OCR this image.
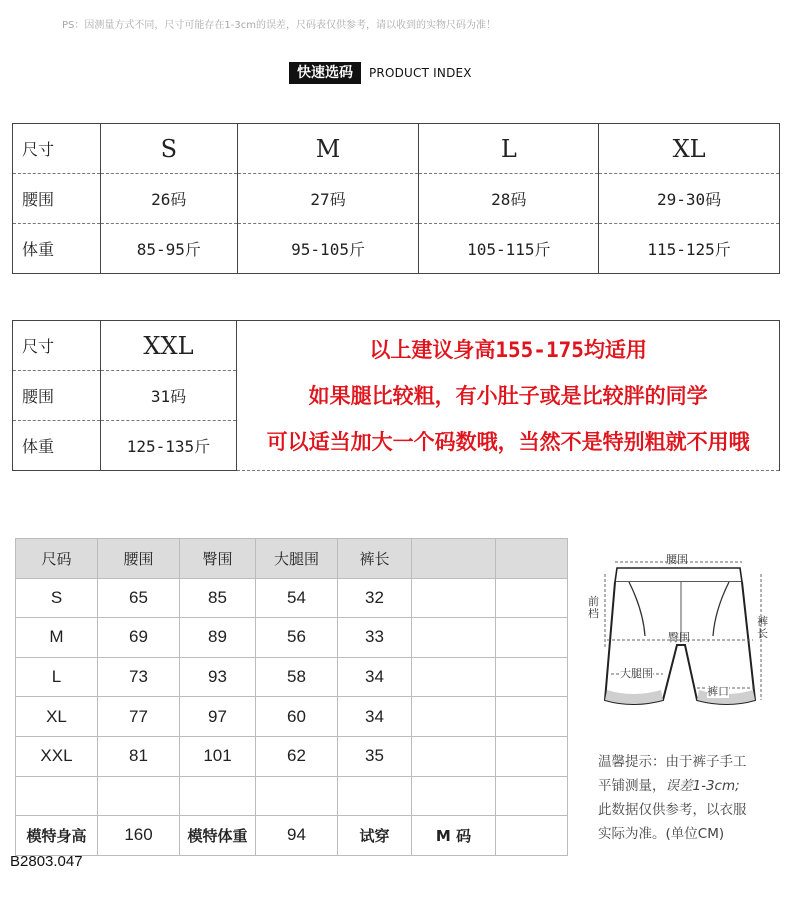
PS：因测量方式不同，尺寸可能存在1-3cm的误差，尺码表仅供参考，请以收到的实物尺码为准！
快速选码	PRODUCT INDEX
尺寸	S	M	L	XL
腰围	26码	27码	28码	29-30码
体重	85-95斤	95-105斤	105-115斤	115-125斤
尺寸	XXL	以上建议身高155-175均适用
如果腿比较粗，有小肚子或是比较胖的同学
可以适当加大一个码数哦，当然不是特别粗就不用哦

腰围	31码	
体重	125-135斤	
尺码	腰围	臀围	大腿围	裤长		
S	65	85	54	32		
M	69	89	56	33		
L	73	93	58	34		
XL	77	97	60	34		
XXL	81	101	62	35		

模特身高	160	模特体重	94	试穿	M 码	
B2803.047
腰围
前档
臀围
裤长
大腿围
裤口
温馨提示：由于裤子手工
平铺测量，误差1-3cm;
此数据仅供参考，以衣服
实际为准。(单位CM)
